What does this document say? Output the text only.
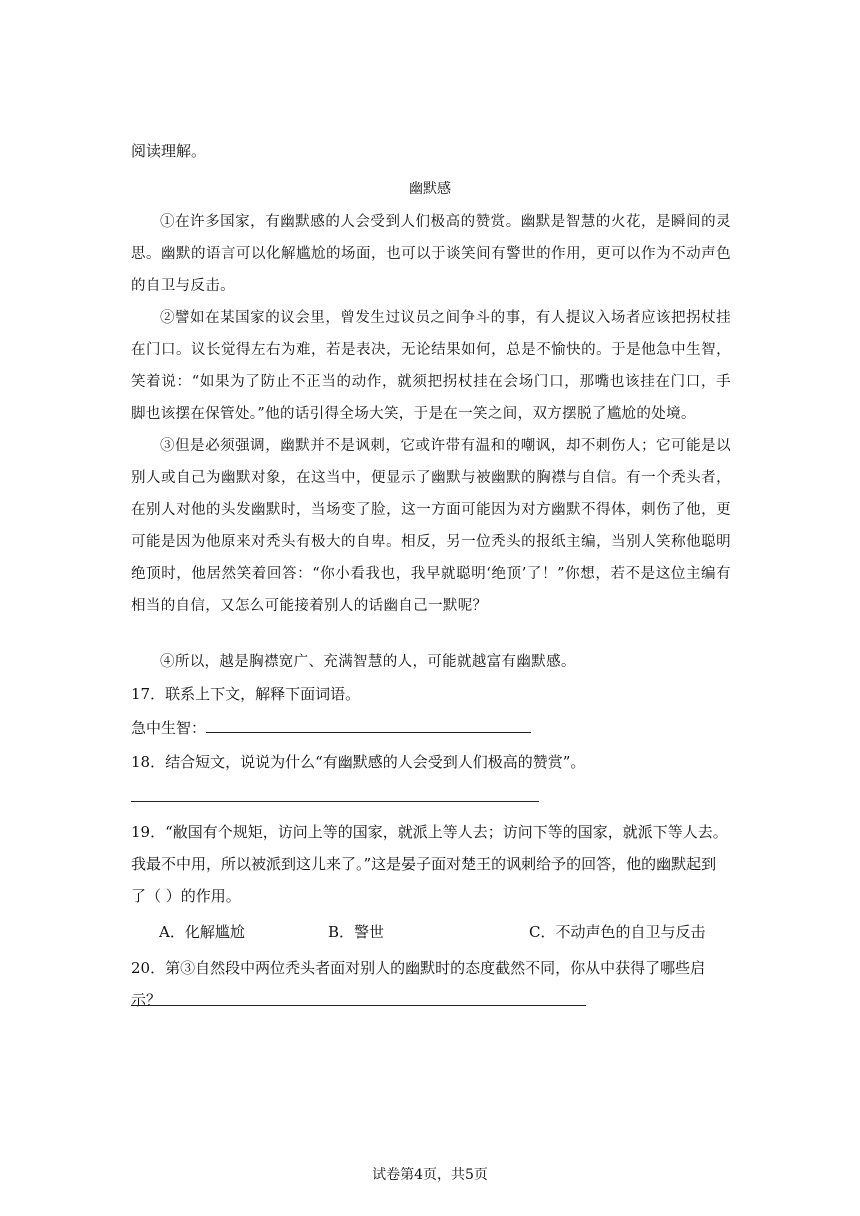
阅读理解。
幽默感

①在许多国家，有幽默感的人会受到人们极高的赞赏。幽默是智慧的火花，是瞬间的灵思。幽默的语言可以化解尴尬的场面，也可以于谈笑间有警世的作用，更可以作为不动声色的自卫与反击。

②譬如在某国家的议会里，曾发生过议员之间争斗的事，有人提议入场者应该把拐杖挂在门口。议长觉得左右为难，若是表决，无论结果如何，总是不愉快的。于是他急中生智，笑着说：“如果为了防止不正当的动作，就须把拐杖挂在会场门口，那嘴也该挂在门口，手脚也该摆在保管处。”他的话引得全场大笑，于是在一笑之间，双方摆脱了尴尬的处境。

③但是必须强调，幽默并不是讽刺，它或许带有温和的嘲讽，却不刺伤人；它可能是以别人或自己为幽默对象，在这当中，便显示了幽默与被幽默的胸襟与自信。有一个秃头者，在别人对他的头发幽默时，当场变了脸，这一方面可能因为对方幽默不得体，刺伤了他，更可能是因为他原来对秃头有极大的自卑。相反，另一位秃头的报纸主编，当别人笑称他聪明绝顶时，他居然笑着回答：“你小看我也，我早就聪明‘绝顶’了！”你想，若不是这位主编有相当的自信，又怎么可能接着别人的话幽自己一默呢？

④所以，越是胸襟宽广、充满智慧的人，可能就越富有幽默感。

17．联系上下文，解释下面词语。

急中生智：

18．结合短文，说说为什么“有幽默感的人会受到人们极高的赞赏”。

19．“敝国有个规矩，访问上等的国家，就派上等人去；访问下等的国家，就派下等人去。我最不中用，所以被派到这儿来了。”这是晏子面对楚王的讽刺给予的回答，他的幽默起到了（ ）的作用。

A．化解尴尬	B．警世	C．不动声色的自卫与反击

20．第③自然段中两位秃头者面对别人的幽默时的态度截然不同，你从中获得了哪些启示？

试卷第4页，共5页
